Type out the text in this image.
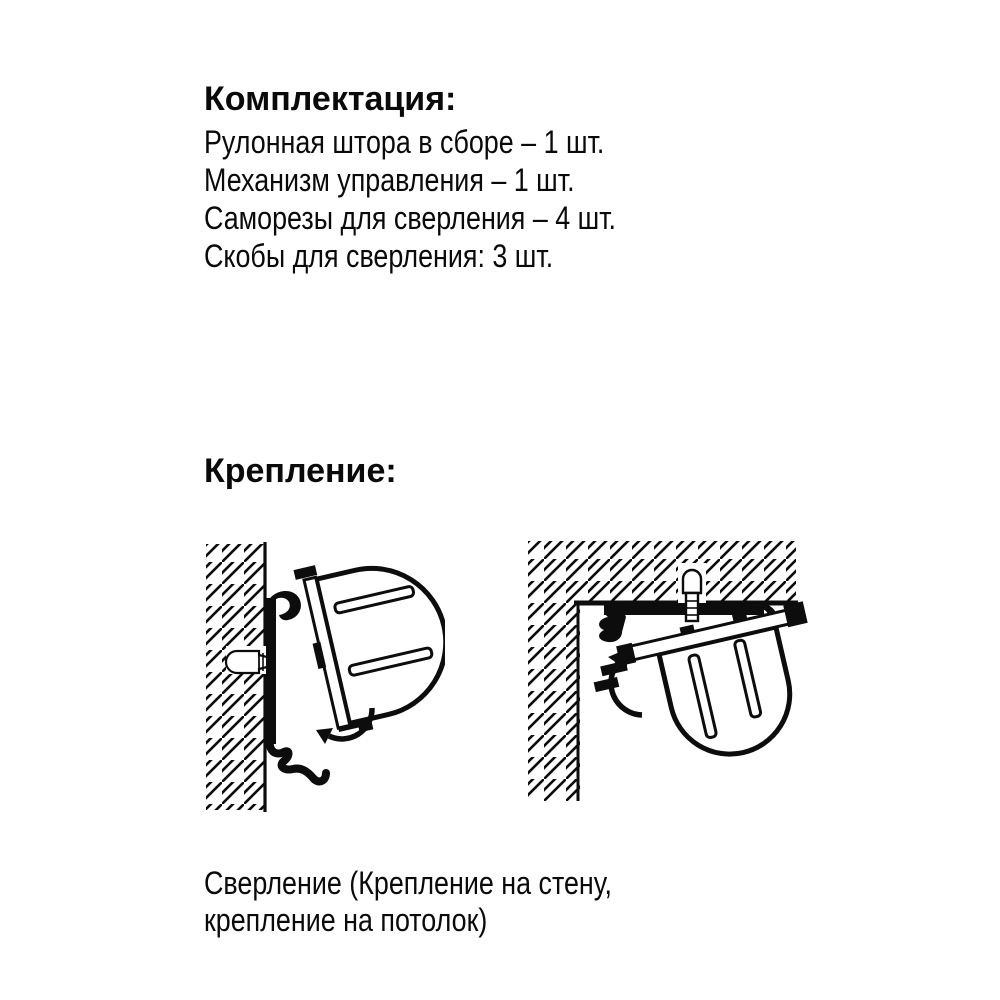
Комплектация:
Рулонная штора в сборе – 1 шт.
Механизм управления – 1 шт.
Саморезы для сверления – 4 шт.
Скобы для сверления: 3 шт.
Крепление:
Сверление (Крепление на стену,
крепление на потолок)
